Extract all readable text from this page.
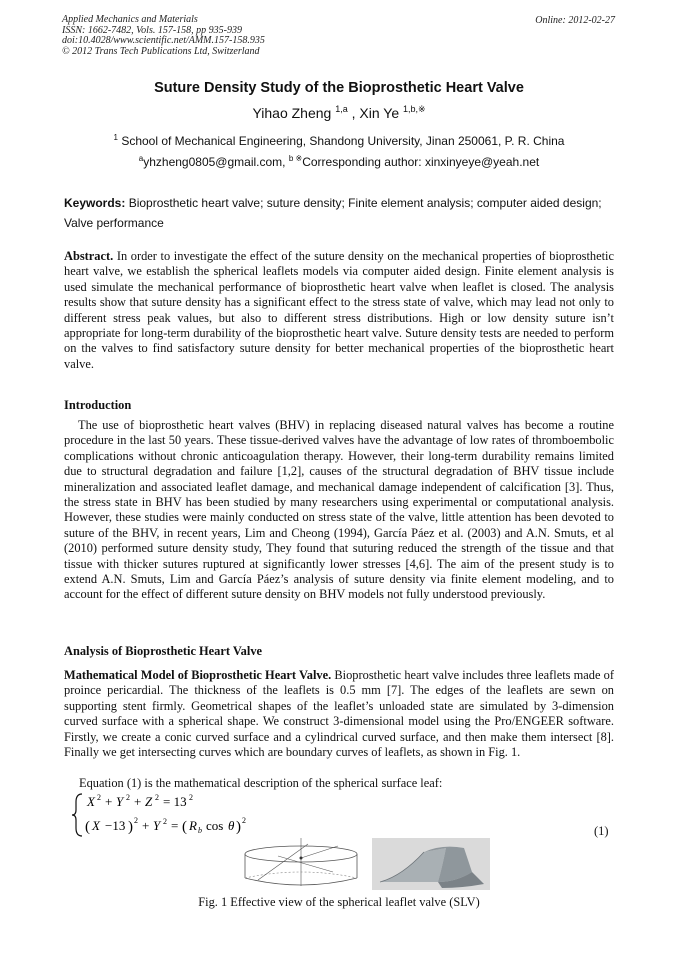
Applied Mechanics and Materials
ISSN: 1662-7482, Vols. 157-158, pp 935-939
doi:10.4028/www.scientific.net/AMM.157-158.935
© 2012 Trans Tech Publications Ltd, Switzerland
Online: 2012-02-27
Suture Density Study of the Bioprosthetic Heart Valve
Yihao Zheng $^{1,a}$ , Xin Ye $^{1,b,※}$
$^1$ School of Mechanical Engineering, Shandong University, Jinan 250061, P. R. China
$^a$yhzheng0805@gmail.com, $^{b ※}$Corresponding author: xinxinyeye@yeah.net
Keywords: Bioprosthetic heart valve; suture density; Finite element analysis; computer aided design; Valve performance
Abstract. In order to investigate the effect of the suture density on the mechanical properties of bioprosthetic heart valve, we establish the spherical leaflets models via computer aided design. Finite element analysis is used simulate the mechanical performance of bioprosthetic heart valve when leaflet is closed. The analysis results show that suture density has a significant effect to the stress state of valve, which may lead not only to different stress peak values, but also to different stress distributions. High or low density suture isn’t appropriate for long-term durability of the bioprosthetic heart valve. Suture density tests are needed to perform on the valves to find satisfactory suture density for better mechanical properties of the bioprosthetic heart valve.
Introduction
The use of bioprosthetic heart valves (BHV) in replacing diseased natural valves has become a routine procedure in the last 50 years. These tissue-derived valves have the advantage of low rates of thromboembolic complications without chronic anticoagulation therapy. However, their long-term durability remains limited due to structural degradation and failure [1,2], causes of the structural degradation of BHV tissue include mineralization and associated leaflet damage, and mechanical damage independent of calcification [3]. Thus, the stress state in BHV has been studied by many researchers using experimental or computational analysis. However, these studies were mainly conducted on stress state of the valve, little attention has been devoted to suture of the BHV, in recent years, Lim and Cheong (1994), García Páez et al. (2003) and A.N. Smuts, et al (2010) performed suture density study, They found that suturing reduced the strength of the tissue and that tissue with thicker sutures ruptured at significantly lower stresses [4,6]. The aim of the present study is to extend A.N. Smuts, Lim and García Páez’s analysis of suture density via finite element modeling, and to account for the effect of different suture density on BHV models not fully understood previously.
Analysis of Bioprosthetic Heart Valve
Mathematical Model of Bioprosthetic Heart Valve. Bioprosthetic heart valve includes three leaflets made of proince pericardial. The thickness of the leaflets is 0.5 mm [7]. The edges of the leaflets are sewn on supporting stent firmly. Geometrical shapes of the leaflet’s unloaded state are simulated by 3-dimension curved surface with a spherical shape. We construct 3-dimensional model using the Pro/ENGEER software. Firstly, we create a conic curved surface and a cylindrical curved surface, and then make them intersect [8]. Finally we get intersecting curves which are boundary curves of leaflets, as shown in Fig. 1.
Equation (1) is the mathematical description of the spherical surface leaf:
X 2 + Y 2 + Z 2 = 13 2
( X −13 ) 2 + Y 2 = ( R b cos θ ) 2
(1)
Fig. 1 Effective view of the spherical leaflet valve (SLV)
